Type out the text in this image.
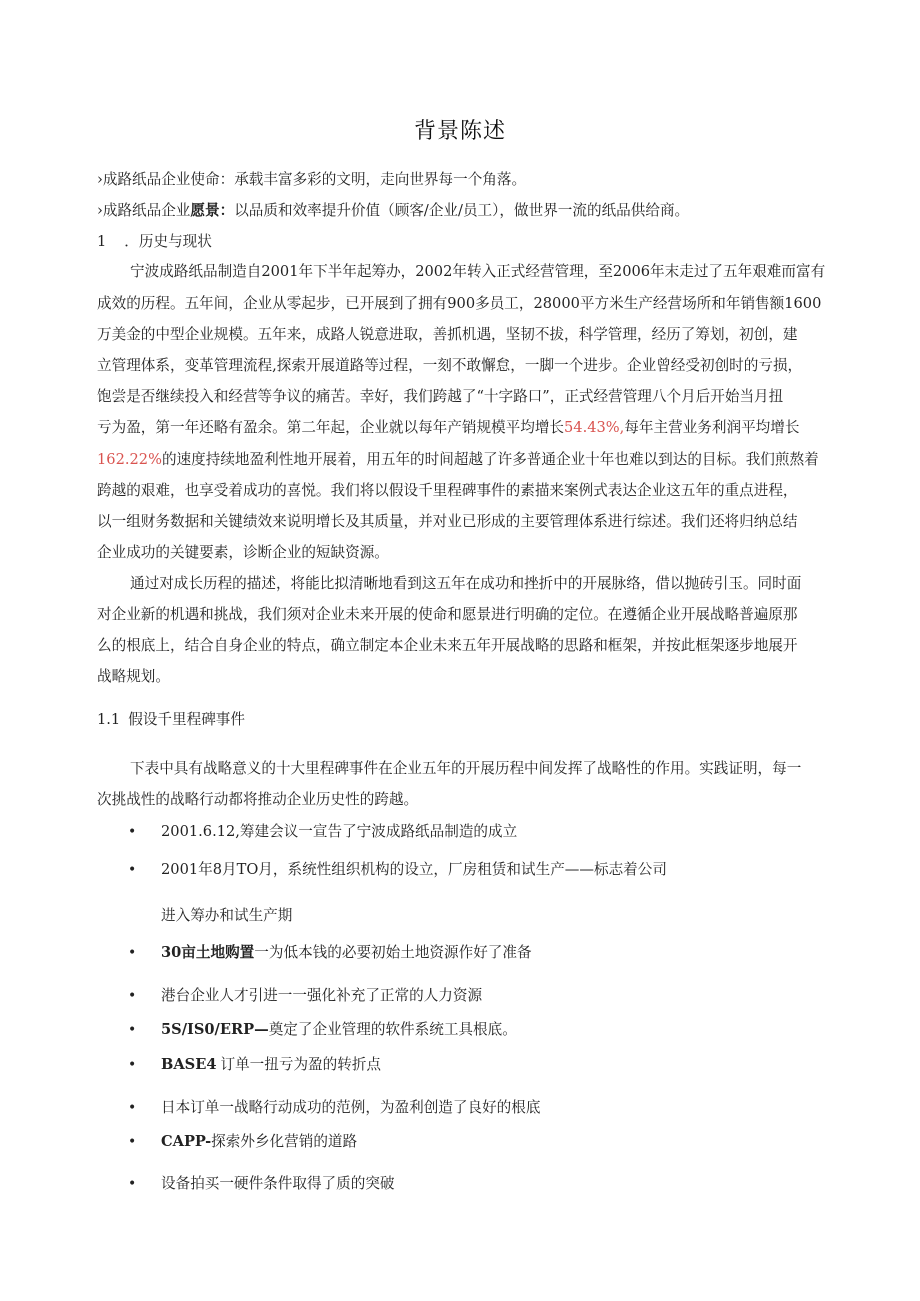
背景陈述
›成路纸品企业使命：承载丰富多彩的文明，走向世界每一个角落。
›成路纸品企业愿景：以品质和效率提升价值（顾客/企业/员工），做世界一流的纸品供给商。
1 ．历史与现状
宁波成路纸品制造自2001年下半年起筹办，2002年转入正式经营管理，至2006年末走过了五年艰难而富有
成效的历程。五年间，企业从零起步，已开展到了拥有900多员工，28000平方米生产经营场所和年销售额1600
万美金的中型企业规模。五年来，成路人锐意进取，善抓机遇，坚韧不拔，科学管理，经历了筹划，初创，建
立管理体系，变革管理流程,探索开展道路等过程，一刻不敢懈怠，一脚一个进步。企业曾经受初创时的亏损，
饱尝是否继续投入和经营等争议的痛苦。幸好，我们跨越了“十字路口”，正式经营管理八个月后开始当月扭
亏为盈，第一年还略有盈余。第二年起，企业就以每年产销规模平均增长54.43%,每年主营业务利润平均增长
162.22%的速度持续地盈利性地开展着，用五年的时间超越了许多普通企业十年也难以到达的目标。我们煎熬着
跨越的艰难，也享受着成功的喜悦。我们将以假设千里程碑事件的素描来案例式表达企业这五年的重点进程，
以一组财务数据和关键绩效来说明增长及其质量，并对业已形成的主要管理体系进行综述。我们还将归纳总结
企业成功的关键要素，诊断企业的短缺资源。
通过对成长历程的描述，将能比拟清晰地看到这五年在成功和挫折中的开展脉络，借以抛砖引玉。同时面
对企业新的机遇和挑战，我们须对企业未来开展的使命和愿景进行明确的定位。在遵循企业开展战略普遍原那
么的根底上，结合自身企业的特点，确立制定本企业未来五年开展战略的思路和框架，并按此框架逐步地展开
战略规划。
1.1 假设千里程碑事件
下表中具有战略意义的十大里程碑事件在企业五年的开展历程中间发挥了战略性的作用。实践证明，每一
次挑战性的战略行动都将推动企业历史性的跨越。
• 2001.6.12,筹建会议一宣告了宁波成路纸品制造的成立
• 2001年8月TO月，系统性组织机构的设立，厂房租赁和试生产——标志着公司
进入筹办和试生产期
• 30亩土地购置一为低本钱的必要初始土地资源作好了准备
• 港台企业人才引进一一强化补充了正常的人力资源
• 5S/IS0/ERP—奠定了企业管理的软件系统工具根底。
• BASE4 订单一扭亏为盈的转折点
• 日本订单一战略行动成功的范例，为盈利创造了良好的根底
• CAPP-探索外乡化营销的道路
• 设备拍买一硬件条件取得了质的突破
